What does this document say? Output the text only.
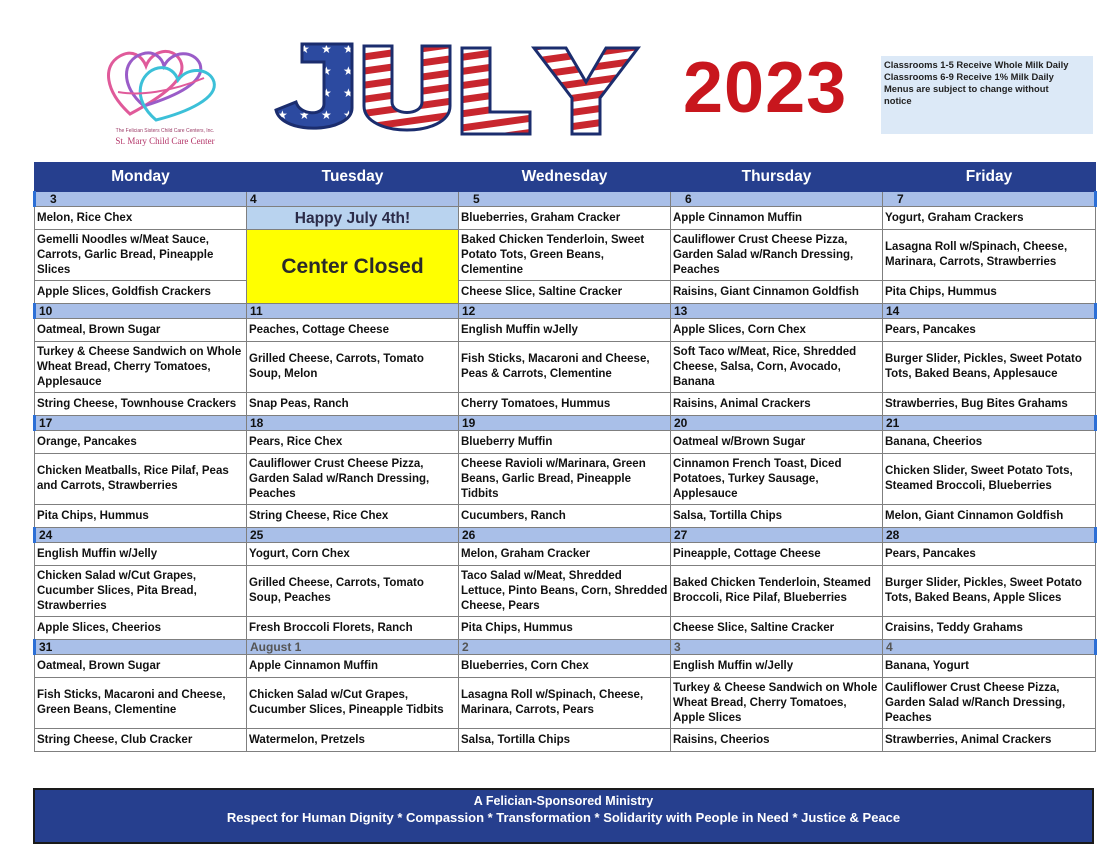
The Felician Sisters Child Care Centers, Inc.
St. Mary Child Care Center
2023	Classrooms 1-5 Receive Whole Milk Daily
Classrooms 6-9 Receive 1% Milk Daily
Menus are subject to change without
notice
Monday	Tuesday	Wednesday	Thursday	Friday
3	4	5	6	7
Melon, Rice Chex	Happy July 4th!	Blueberries, Graham Cracker	Apple Cinnamon Muffin	Yogurt, Graham Crackers
Gemelli Noodles w/Meat Sauce, Carrots, Garlic Bread, Pineapple Slices	Center Closed	Baked Chicken Tenderloin, Sweet Potato Tots, Green Beans, Clementine	Cauliflower Crust Cheese Pizza, Garden Salad w/Ranch Dressing, Peaches	Lasagna Roll w/Spinach, Cheese, Marinara, Carrots, Strawberries
Apple Slices, Goldfish Crackers		Cheese Slice, Saltine Cracker	Raisins, Giant Cinnamon Goldfish	Pita Chips, Hummus
10	11	12	13	14
Oatmeal, Brown Sugar	Peaches, Cottage Cheese	English Muffin wJelly	Apple Slices, Corn Chex	Pears, Pancakes
Turkey & Cheese Sandwich on Whole Wheat Bread, Cherry Tomatoes, Applesauce	Grilled Cheese, Carrots, Tomato Soup, Melon	Fish Sticks, Macaroni and Cheese, Peas & Carrots, Clementine	Soft Taco w/Meat, Rice, Shredded Cheese, Salsa, Corn, Avocado, Banana	Burger Slider, Pickles, Sweet Potato Tots, Baked Beans, Applesauce
String Cheese, Townhouse Crackers	Snap Peas, Ranch	Cherry Tomatoes, Hummus	Raisins, Animal Crackers	Strawberries, Bug Bites Grahams
17	18	19	20	21
Orange, Pancakes	Pears, Rice Chex	Blueberry Muffin	Oatmeal w/Brown Sugar	Banana, Cheerios
Chicken Meatballs, Rice Pilaf, Peas and Carrots, Strawberries	Cauliflower Crust Cheese Pizza, Garden Salad w/Ranch Dressing, Peaches	Cheese Ravioli w/Marinara, Green Beans, Garlic Bread, Pineapple Tidbits	Cinnamon French Toast, Diced Potatoes, Turkey Sausage, Applesauce	Chicken Slider, Sweet Potato Tots, Steamed Broccoli, Blueberries
Pita Chips, Hummus	String Cheese, Rice Chex	Cucumbers, Ranch	Salsa, Tortilla Chips	Melon, Giant Cinnamon Goldfish
24	25	26	27	28
English Muffin w/Jelly	Yogurt, Corn Chex	Melon, Graham Cracker	Pineapple, Cottage Cheese	Pears, Pancakes
Chicken Salad w/Cut Grapes, Cucumber Slices, Pita Bread, Strawberries	Grilled Cheese, Carrots, Tomato Soup, Peaches	Taco Salad w/Meat, Shredded Lettuce, Pinto Beans, Corn, Shredded Cheese, Pears	Baked Chicken Tenderloin, Steamed Broccoli, Rice Pilaf, Blueberries	Burger Slider, Pickles, Sweet Potato Tots, Baked Beans, Apple Slices
Apple Slices, Cheerios	Fresh Broccoli Florets, Ranch	Pita Chips, Hummus	Cheese Slice, Saltine Cracker	Craisins, Teddy Grahams
31	August 1	2	3	4
Oatmeal, Brown Sugar	Apple Cinnamon Muffin	Blueberries, Corn Chex	English Muffin w/Jelly	Banana, Yogurt
Fish Sticks, Macaroni and Cheese, Green Beans, Clementine	Chicken Salad w/Cut Grapes, Cucumber Slices, Pineapple Tidbits	Lasagna Roll w/Spinach, Cheese, Marinara, Carrots, Pears	Turkey & Cheese Sandwich on Whole Wheat Bread, Cherry Tomatoes, Apple Slices	Cauliflower Crust Cheese Pizza, Garden Salad w/Ranch Dressing, Peaches
String Cheese, Club Cracker	Watermelon, Pretzels	Salsa, Tortilla Chips	Raisins, Cheerios	Strawberries, Animal Crackers
A Felician-Sponsored Ministry
Respect for Human Dignity * Compassion * Transformation * Solidarity with People in Need * Justice & Peace
